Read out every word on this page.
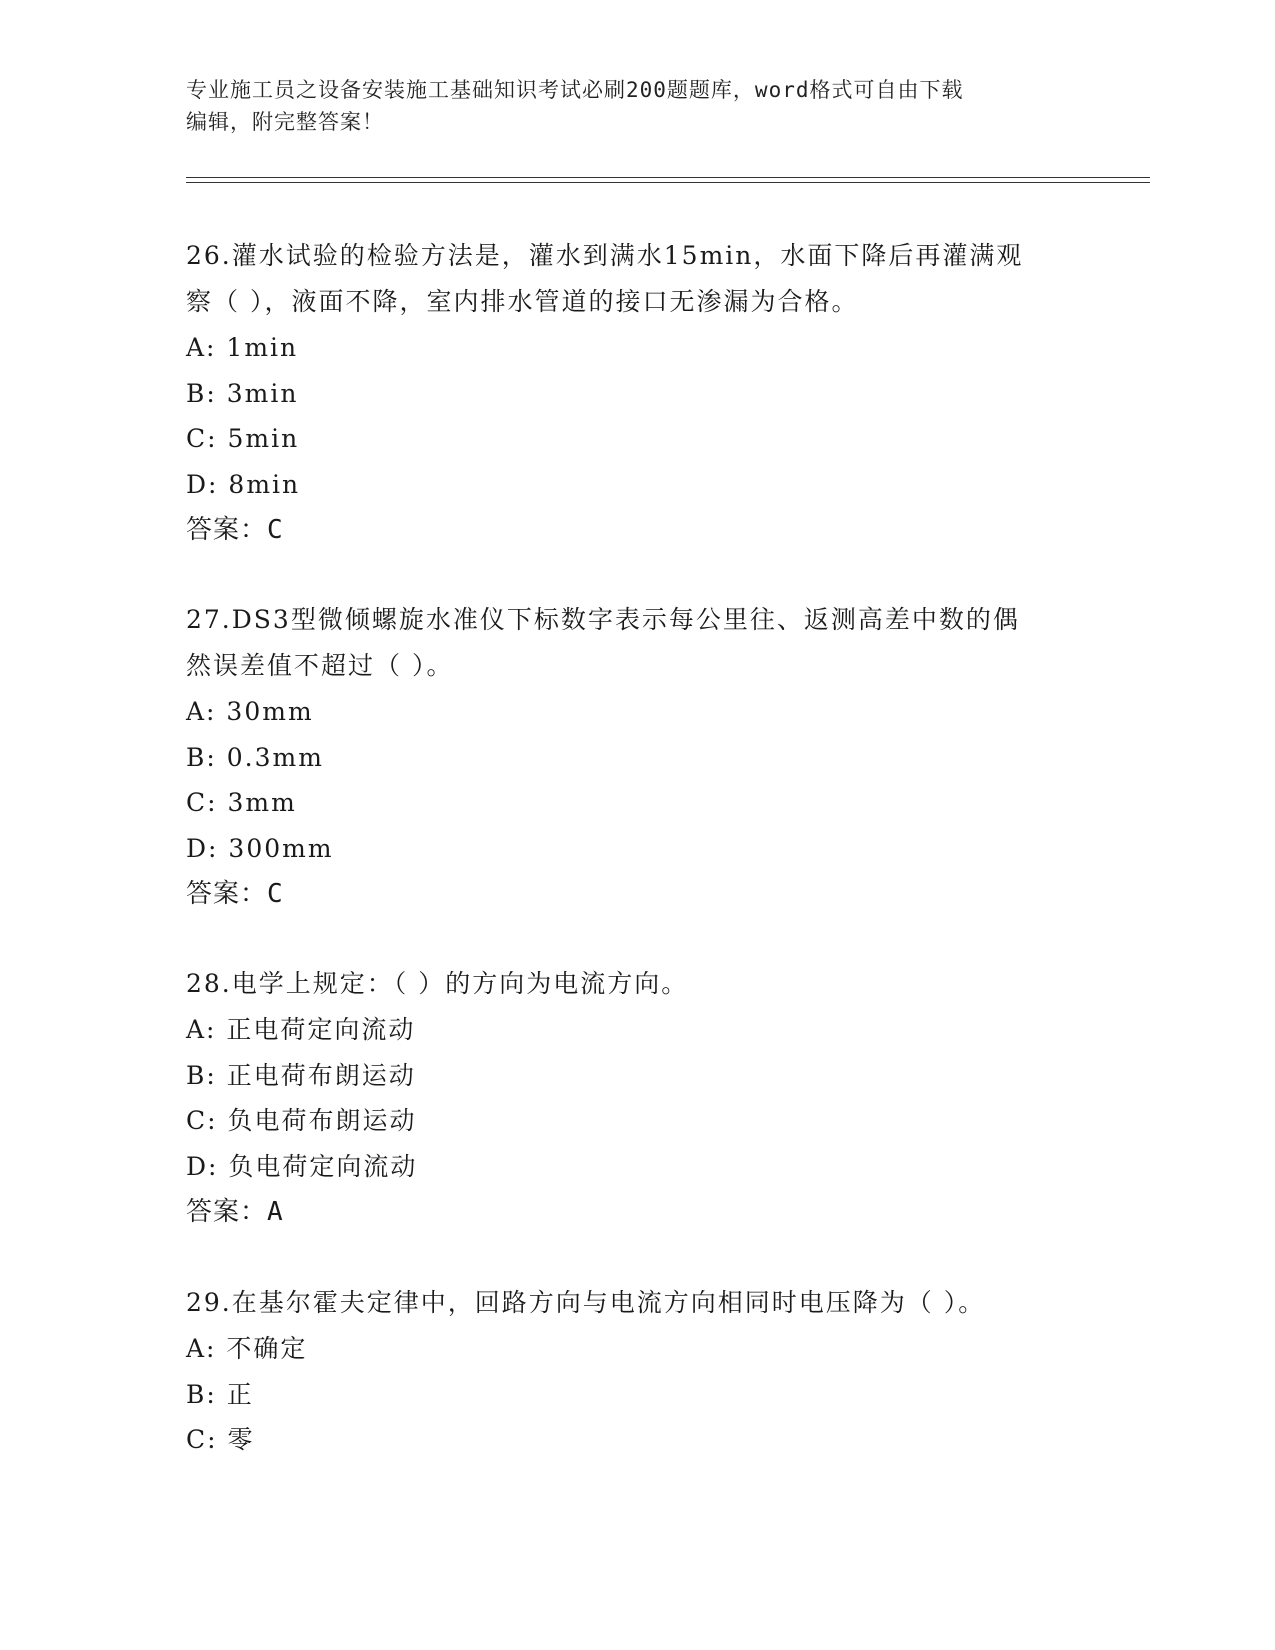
专业施工员之设备安装施工基础知识考试必刷200题题库，word格式可自由下载
编辑，附完整答案！
26.灌水试验的检验方法是，灌水到满水15min，水面下降后再灌满观
察（ ），液面不降，室内排水管道的接口无渗漏为合格。
A: 1min
B: 3min
C: 5min
D: 8min
答案：C
27.DS3型微倾螺旋水准仪下标数字表示每公里往、返测高差中数的偶
然误差值不超过（ ）。
A: 30mm
B: 0.3mm
C: 3mm
D: 300mm
答案：C
28.电学上规定：（ ）的方向为电流方向。
A: 正电荷定向流动
B: 正电荷布朗运动
C: 负电荷布朗运动
D: 负电荷定向流动
答案：A
29.在基尔霍夫定律中，回路方向与电流方向相同时电压降为（ ）。
A: 不确定
B: 正
C: 零
